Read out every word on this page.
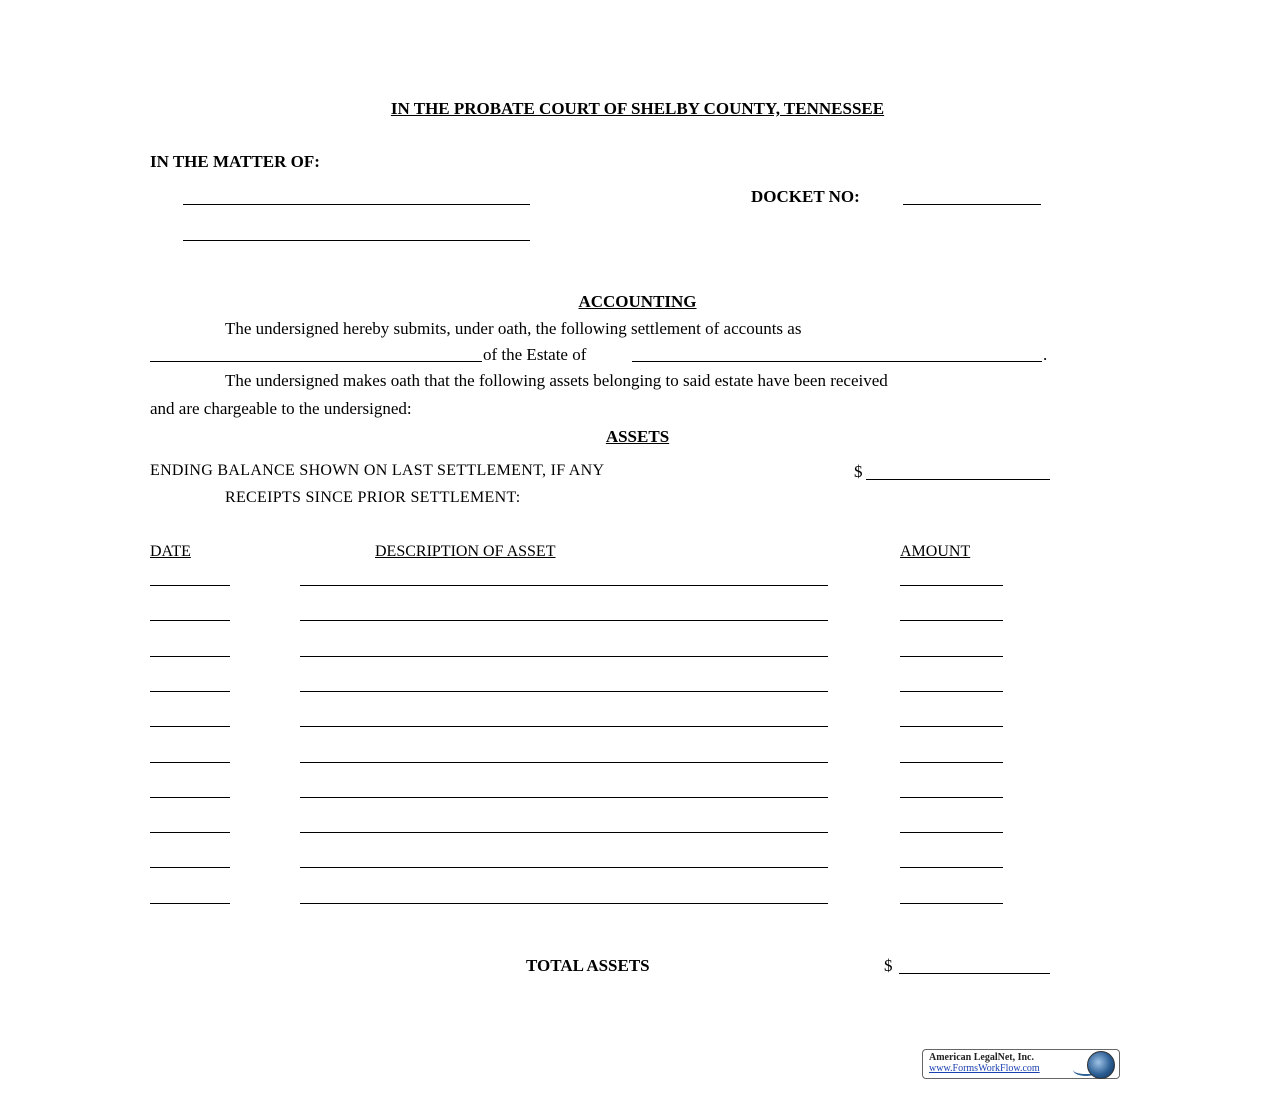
IN THE PROBATE COURT OF SHELBY COUNTY, TENNESSEE
IN THE MATTER OF:
DOCKET NO:
ACCOUNTING
The undersigned hereby submits, under oath, the following settlement of accounts as
of the Estate of	.
The undersigned makes oath that the following assets belonging to said estate have been received
and are chargeable to the undersigned:
ASSETS
ENDING BALANCE SHOWN ON LAST SETTLEMENT, IF ANY	$
RECEIPTS SINCE PRIOR SETTLEMENT:
DATE	DESCRIPTION OF ASSET	AMOUNT
TOTAL ASSETS	$
American LegalNet, Inc.
www.FormsWorkFlow.com
